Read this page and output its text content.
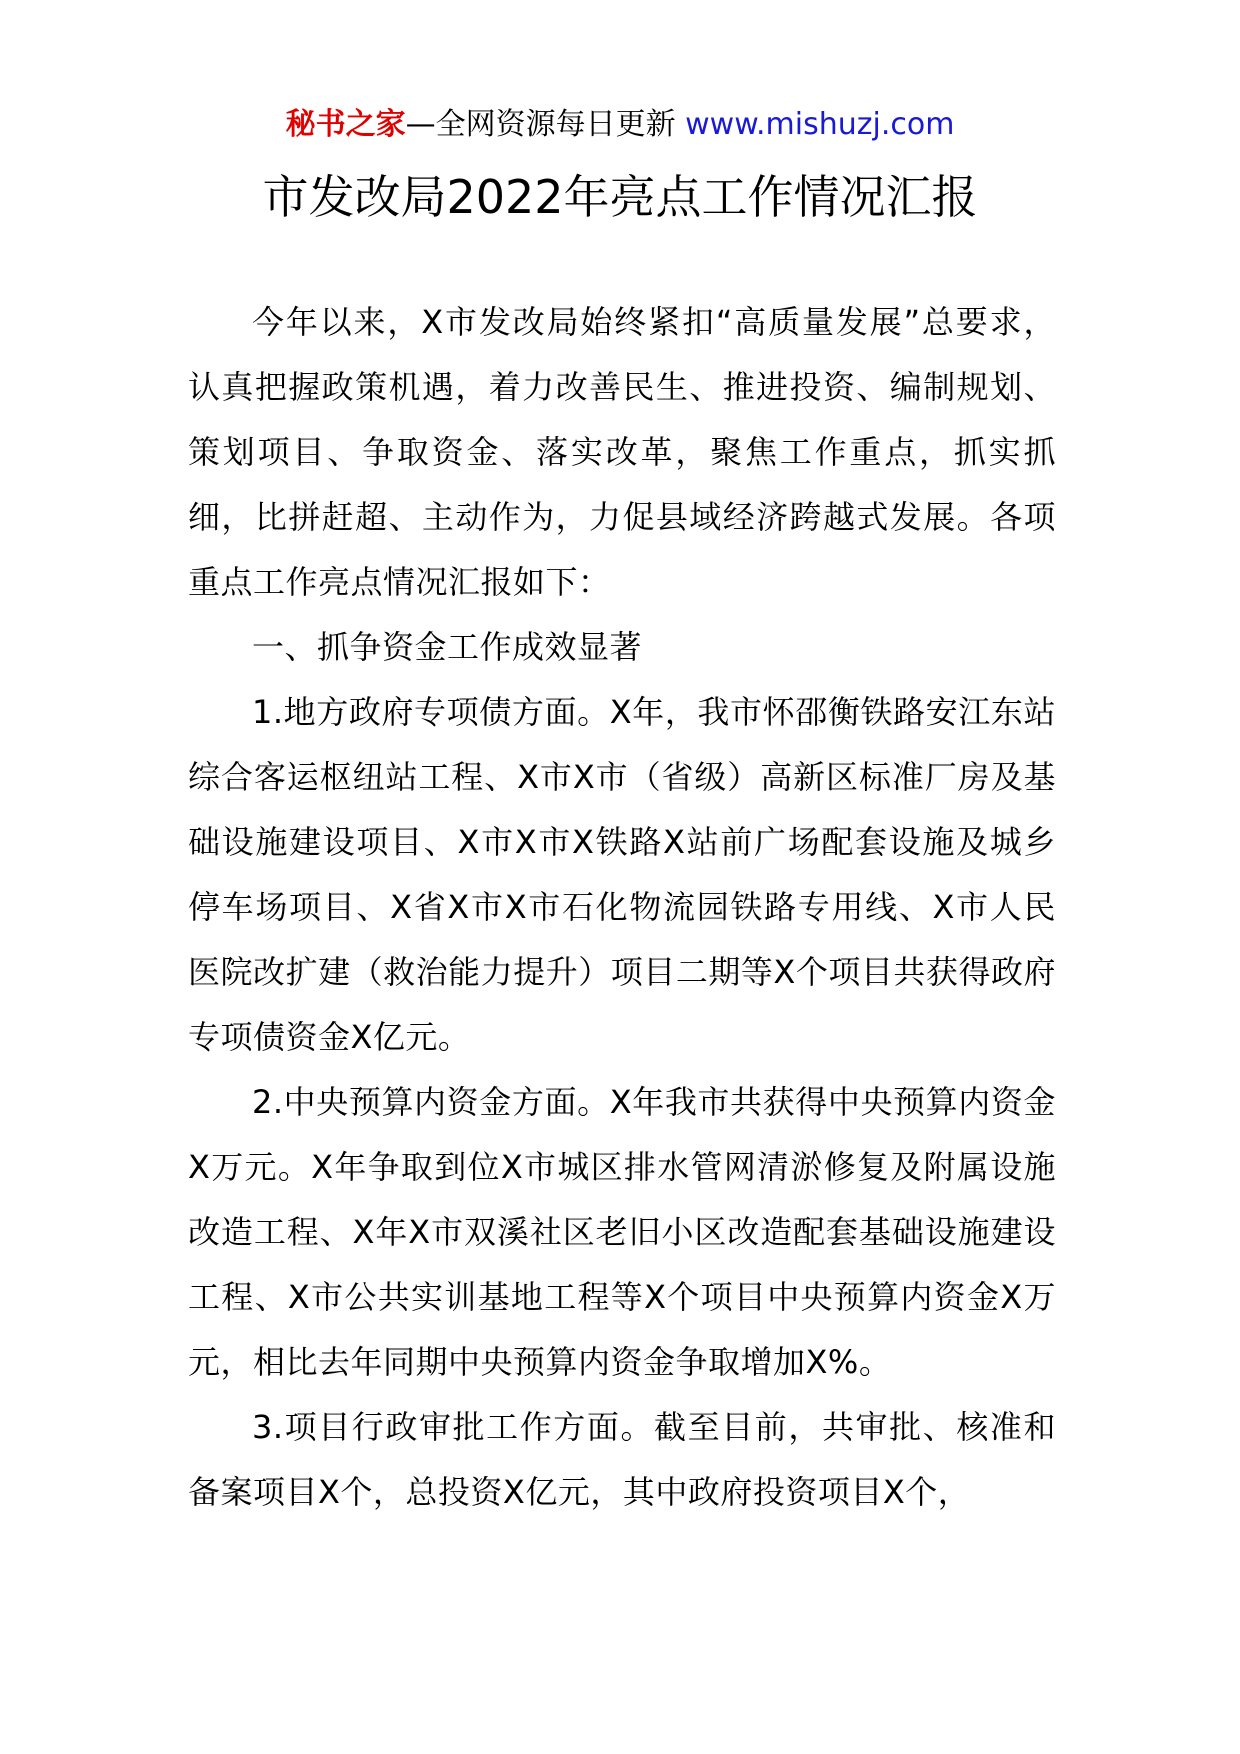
秘书之家—全网资源每日更新 www.mishuzj.com
市发改局2022年亮点工作情况汇报

今年以来，X市发改局始终紧扣“高质量发展”总要求，认真把握政策机遇，着力改善民生、推进投资、编制规划、策划项目、争取资金、落实改革，聚焦工作重点，抓实抓细，比拼赶超、主动作为，力促县域经济跨越式发展。各项重点工作亮点情况汇报如下：

一、抓争资金工作成效显著

1.地方政府专项债方面。X年，我市怀邵衡铁路安江东站综合客运枢纽站工程、X市X市（省级）高新区标准厂房及基础设施建设项目、X市X市X铁路X站前广场配套设施及城乡停车场项目、X省X市X市石化物流园铁路专用线、X市人民医院改扩建（救治能力提升）项目二期等X个项目共获得政府专项债资金X亿元。

2.中央预算内资金方面。X年我市共获得中央预算内资金X万元。X年争取到位X市城区排水管网清淤修复及附属设施改造工程、X年X市双溪社区老旧小区改造配套基础设施建设工程、X市公共实训基地工程等X个项目中央预算内资金X万元，相比去年同期中央预算内资金争取增加X%。

3.项目行政审批工作方面。截至目前，共审批、核准和备案项目X个，总投资X亿元，其中政府投资项目X个，
